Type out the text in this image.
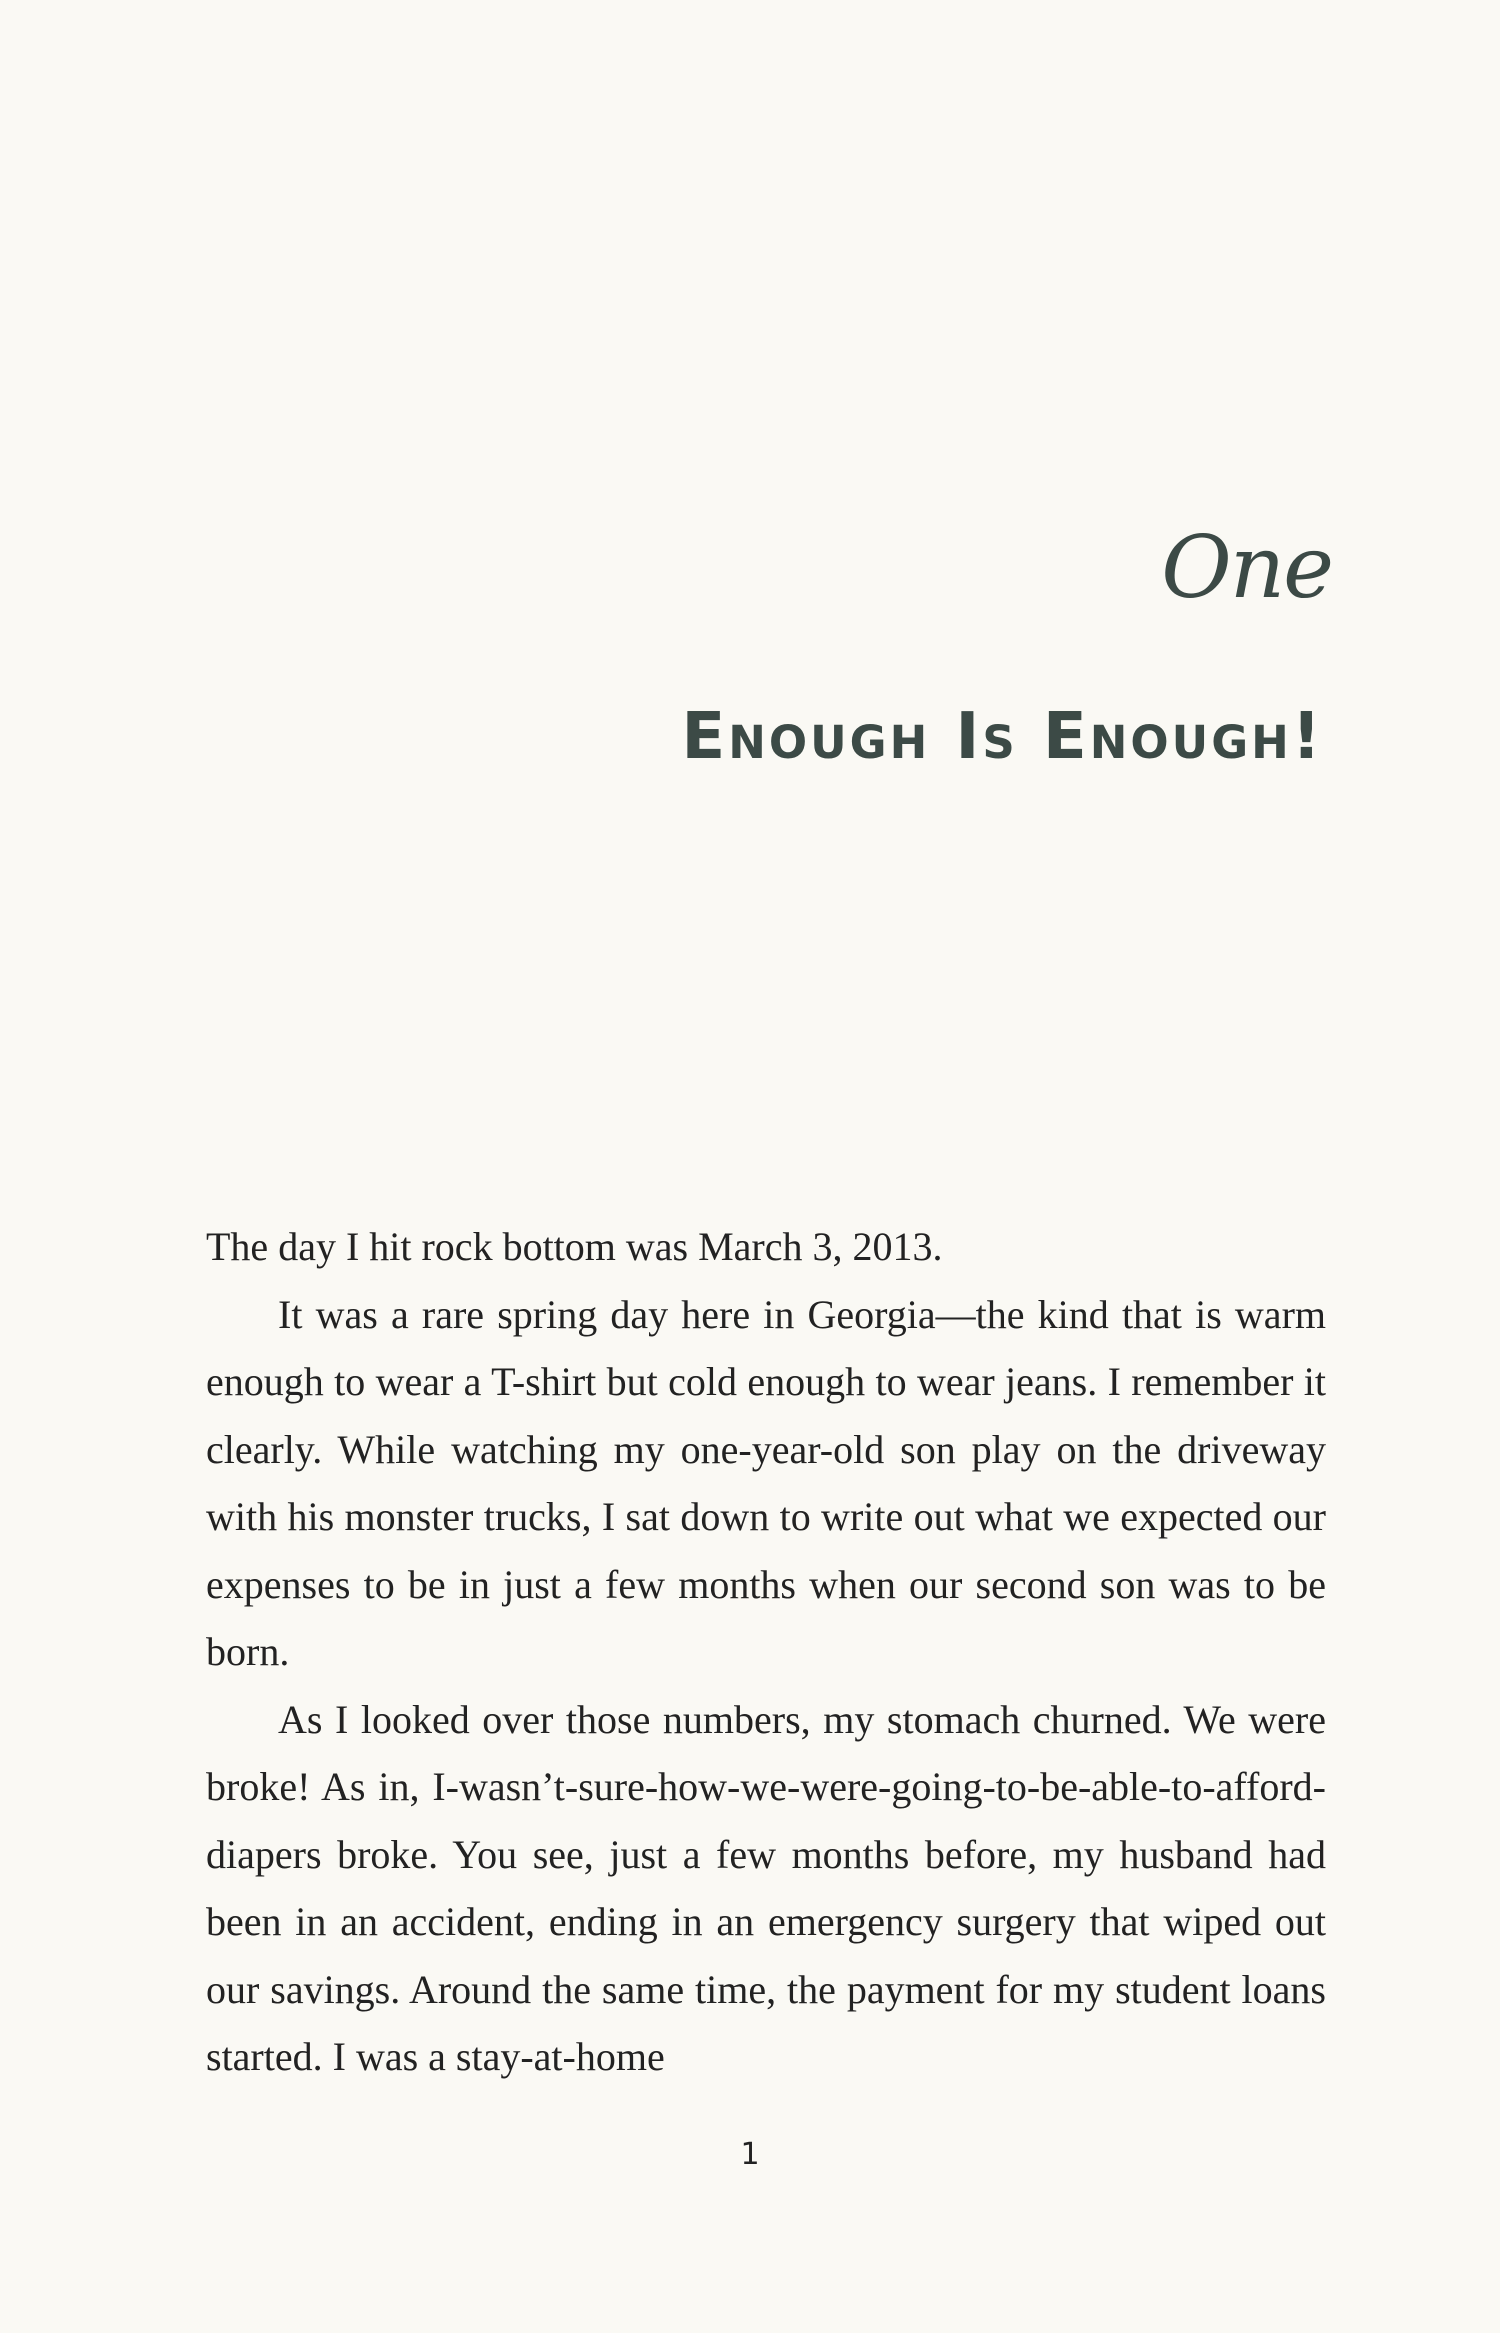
One
Enough Is Enough!

The day I hit rock bottom was March 3, 2013.

It was a rare spring day here in Georgia—the kind that is warm enough to wear a T-shirt but cold enough to wear jeans. I remember it clearly. While watching my one-year-old son play on the driveway with his monster trucks, I sat down to write out what we expected our expenses to be in just a few months when our second son was to be born.

As I looked over those numbers, my stomach churned. We were broke! As in, I-wasn’t-sure-how-we-were-going-to-be-able-to-afford-diapers broke. You see, just a few months before, my husband had been in an accident, ending in an emergency surgery that wiped out our savings. Around the same time, the payment for my student loans started. I was a stay-at-home

1
